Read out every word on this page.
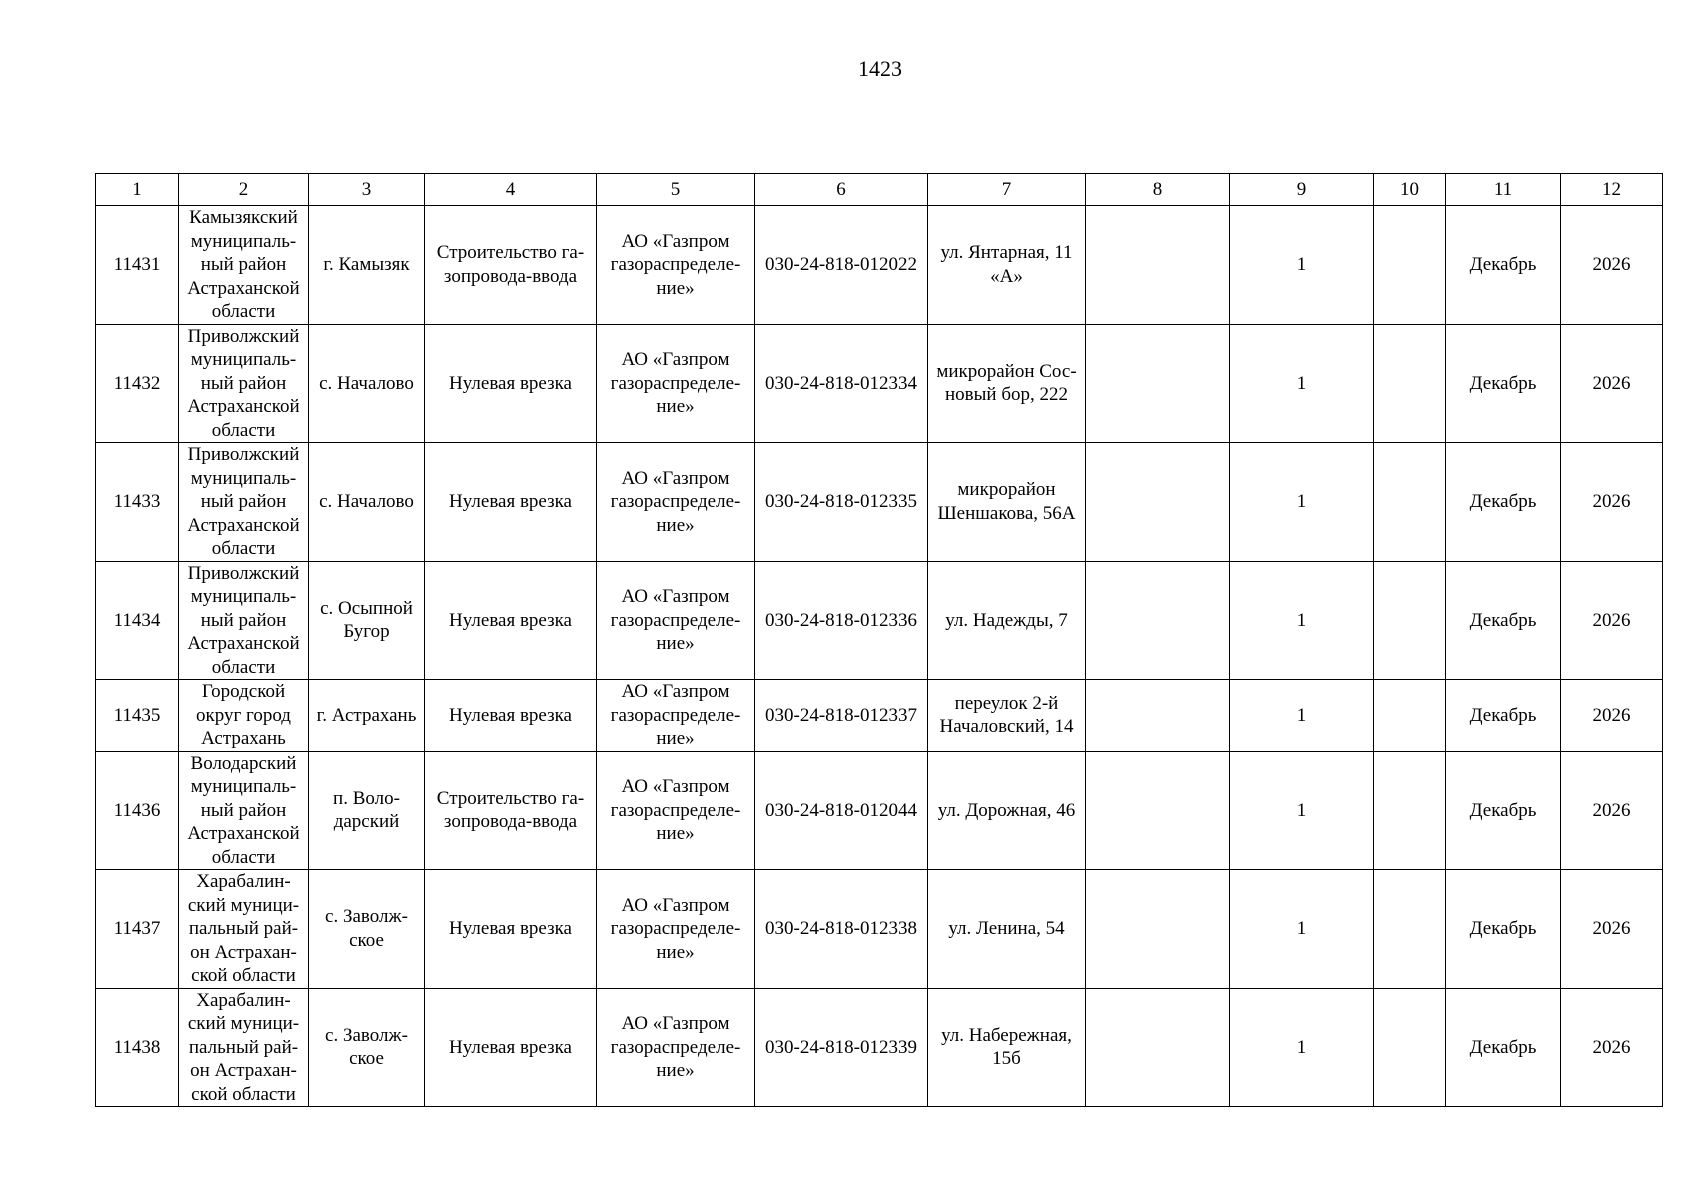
1423
1	2	3	4	5	6	7	8	9	10	11	12
11431	Камызякский
муниципаль-
ный район
Астраханской
области	г. Камызяк	Строительство га-
зопровода-ввода	АО «Газпром
газораспределе-
ние»	030-24-818-012022	ул. Янтарная, 11
«А»		1		Декабрь	2026
11432	Приволжский
муниципаль-
ный район
Астраханской
области	с. Началово	Нулевая врезка	АО «Газпром
газораспределе-
ние»	030-24-818-012334	микрорайон Сос-
новый бор, 222		1		Декабрь	2026
11433	Приволжский
муниципаль-
ный район
Астраханской
области	с. Началово	Нулевая врезка	АО «Газпром
газораспределе-
ние»	030-24-818-012335	микрорайон
Шеншакова, 56А		1		Декабрь	2026
11434	Приволжский
муниципаль-
ный район
Астраханской
области	с. Осыпной
Бугор	Нулевая врезка	АО «Газпром
газораспределе-
ние»	030-24-818-012336	ул. Надежды, 7		1		Декабрь	2026
11435	Городской
округ город
Астрахань	г. Астрахань	Нулевая врезка	АО «Газпром
газораспределе-
ние»	030-24-818-012337	переулок 2-й
Началовский, 14		1		Декабрь	2026
11436	Володарский
муниципаль-
ный район
Астраханской
области	п. Воло-
дарский	Строительство га-
зопровода-ввода	АО «Газпром
газораспределе-
ние»	030-24-818-012044	ул. Дорожная, 46		1		Декабрь	2026
11437	Харабалин-
ский муници-
пальный рай-
он Астрахан-
ской области	с. Заволж-
ское	Нулевая врезка	АО «Газпром
газораспределе-
ние»	030-24-818-012338	ул. Ленина, 54		1		Декабрь	2026
11438	Харабалин-
ский муници-
пальный рай-
он Астрахан-
ской области	с. Заволж-
ское	Нулевая врезка	АО «Газпром
газораспределе-
ние»	030-24-818-012339	ул. Набережная,
15б		1		Декабрь	2026
